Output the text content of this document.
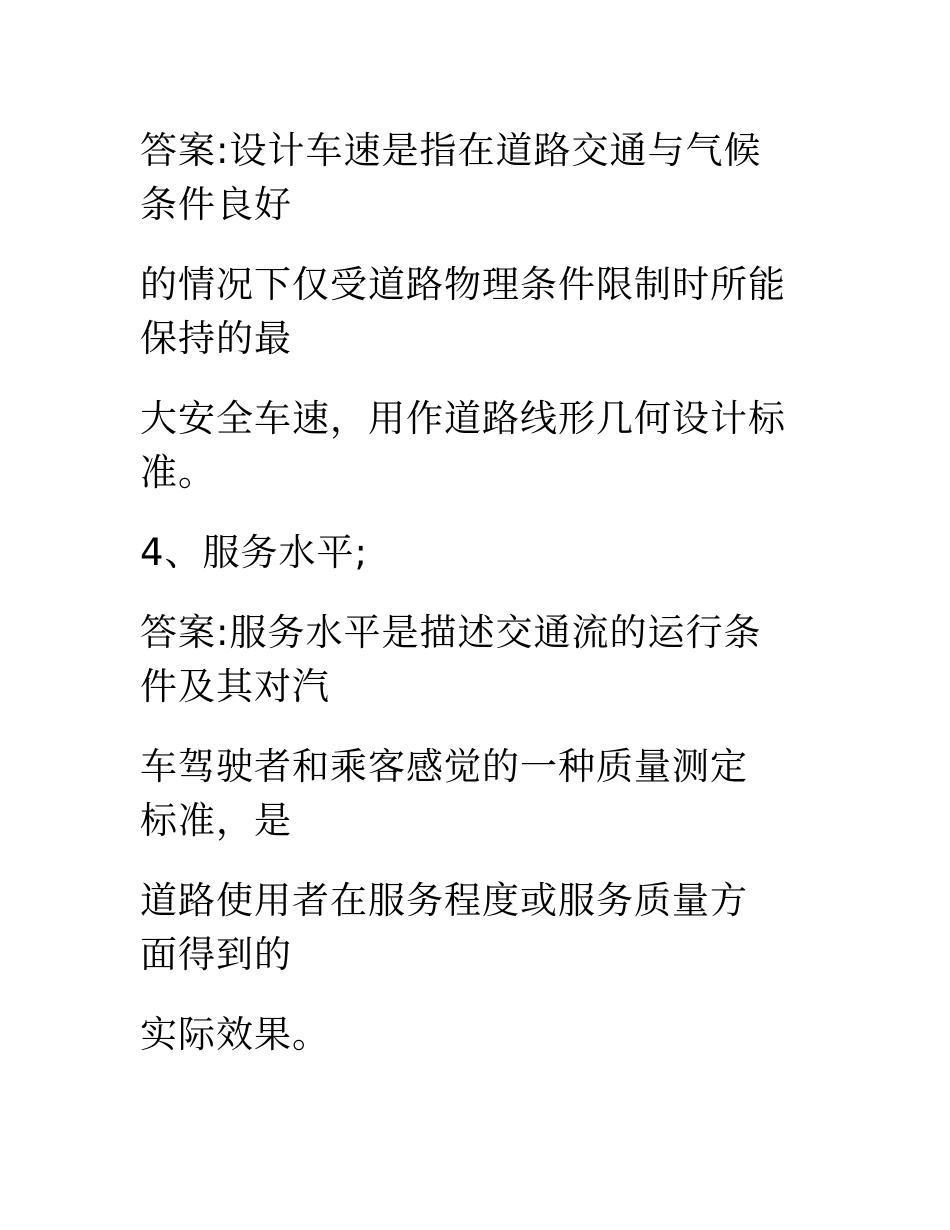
答案:设计车速是指在道路交通与气候
条件良好

的情况下仅受道路物理条件限制时所能
保持的最

大安全车速，用作道路线形几何设计标
准。

4、服务水平;

答案:服务水平是描述交通流的运行条
件及其对汽

车驾驶者和乘客感觉的一种质量测定
标准，是

道路使用者在服务程度或服务质量方
面得到的

实际效果。
